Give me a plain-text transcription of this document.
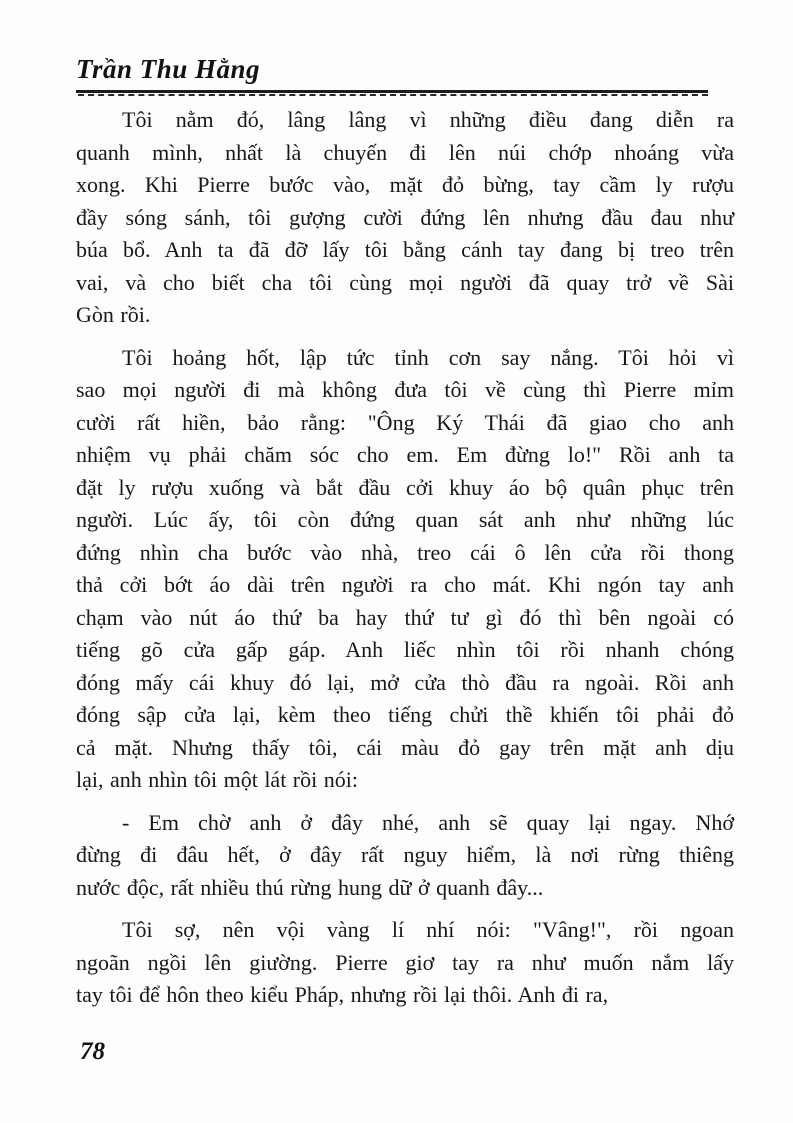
Trần Thu Hằng
Tôi nằm đó, lâng lâng vì những điều đang diễn ra
quanh mình, nhất là chuyến đi lên núi chớp nhoáng vừa
xong. Khi Pierre bước vào, mặt đỏ bừng, tay cầm ly rượu
đầy sóng sánh, tôi gượng cười đứng lên nhưng đầu đau như
búa bổ. Anh ta đã đỡ lấy tôi bằng cánh tay đang bị treo trên
vai, và cho biết cha tôi cùng mọi người đã quay trở về Sài
Gòn rồi.
Tôi hoảng hốt, lập tức tỉnh cơn say nắng. Tôi hỏi vì
sao mọi người đi mà không đưa tôi về cùng thì Pierre mỉm
cười rất hiền, bảo rằng: "Ông Ký Thái đã giao cho anh
nhiệm vụ phải chăm sóc cho em. Em đừng lo!" Rồi anh ta
đặt ly rượu xuống và bắt đầu cởi khuy áo bộ quân phục trên
người. Lúc ấy, tôi còn đứng quan sát anh như những lúc
đứng nhìn cha bước vào nhà, treo cái ô lên cửa rồi thong
thả cởi bớt áo dài trên người ra cho mát. Khi ngón tay anh
chạm vào nút áo thứ ba hay thứ tư gì đó thì bên ngoài có
tiếng gõ cửa gấp gáp. Anh liếc nhìn tôi rồi nhanh chóng
đóng mấy cái khuy đó lại, mở cửa thò đầu ra ngoài. Rồi anh
đóng sập cửa lại, kèm theo tiếng chửi thề khiến tôi phải đỏ
cả mặt. Nhưng thấy tôi, cái màu đỏ gay trên mặt anh dịu
lại, anh nhìn tôi một lát rồi nói:
- Em chờ anh ở đây nhé, anh sẽ quay lại ngay. Nhớ
đừng đi đâu hết, ở đây rất nguy hiểm, là nơi rừng thiêng
nước độc, rất nhiều thú rừng hung dữ ở quanh đây...
Tôi sợ, nên vội vàng lí nhí nói: "Vâng!", rồi ngoan
ngoãn ngồi lên giường. Pierre giơ tay ra như muốn nắm lấy
tay tôi để hôn theo kiểu Pháp, nhưng rồi lại thôi. Anh đi ra,
78
